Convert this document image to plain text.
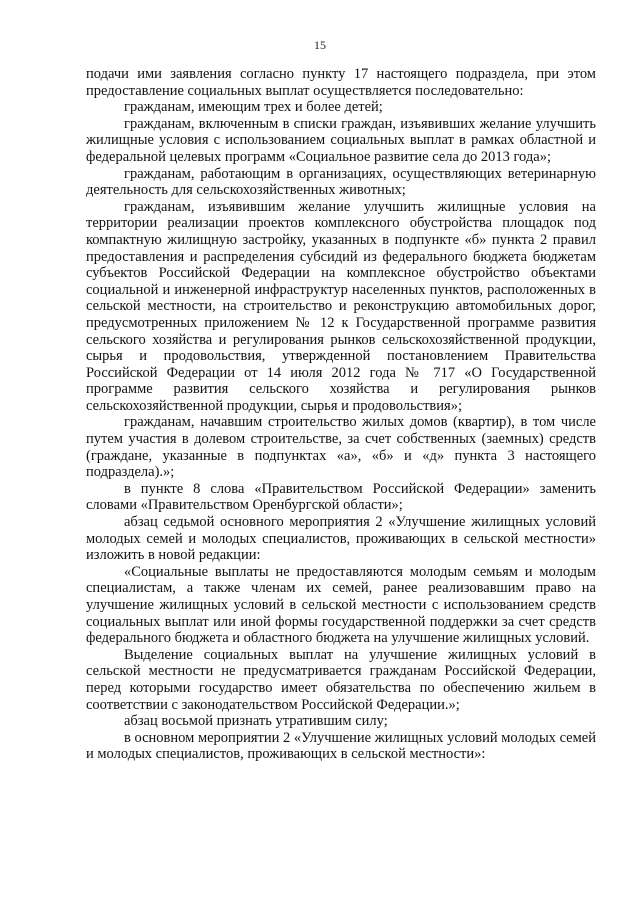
15

подачи ими заявления согласно пункту 17 настоящего подраздела, при этом предоставление социальных выплат осуществляется последовательно:

гражданам, имеющим трех и более детей;

гражданам, включенным в списки граждан, изъявивших желание улучшить жилищные условия с использованием социальных выплат в рамках областной и федеральной целевых программ «Социальное развитие села до 2013 года»;

гражданам, работающим в организациях, осуществляющих ветеринарную деятельность для сельскохозяйственных животных;

гражданам, изъявившим желание улучшить жилищные условия на территории реализации проектов комплексного обустройства площадок под компактную жилищную застройку, указанных в подпункте «б» пункта 2 правил предоставления и распределения субсидий из федерального бюджета бюджетам субъектов Российской Федерации на комплексное обустройство объектами социальной и инженерной инфраструктур населенных пунктов, расположенных в сельской местности, на строительство и реконструкцию автомобильных дорог, предусмотренных приложением № 12 к Государственной программе развития сельского хозяйства и регулирования рынков сельскохозяйственной продукции, сырья и продовольствия, утвержденной постановлением Правительства Российской Федерации от 14 июля 2012 года № 717 «О Государственной программе развития сельского хозяйства и регулирования рынков сельскохозяйственной продукции, сырья и продовольствия»;

гражданам, начавшим строительство жилых домов (квартир), в том числе путем участия в долевом строительстве, за счет собственных (заемных) средств (граждане, указанные в подпунктах «а», «б» и «д» пункта 3 настоящего подраздела).»;

в пункте 8 слова «Правительством Российской Федерации» заменить словами «Правительством Оренбургской области»;

абзац седьмой основного мероприятия 2 «Улучшение жилищных условий молодых семей и молодых специалистов, проживающих в сельской местности» изложить в новой редакции:

«Социальные выплаты не предоставляются молодым семьям и молодым специалистам, а также членам их семей, ранее реализовавшим право на улучшение жилищных условий в сельской местности с использованием средств социальных выплат или иной формы государственной поддержки за счет средств федерального бюджета и областного бюджета на улучшение жилищных условий.

Выделение социальных выплат на улучшение жилищных условий в сельской местности не предусматривается гражданам Российской Федерации, перед которыми государство имеет обязательства по обеспечению жильем в соответствии с законодательством Российской Федерации.»;

абзац восьмой признать утратившим силу;

в основном мероприятии 2 «Улучшение жилищных условий молодых семей и молодых специалистов, проживающих в сельской местности»:
